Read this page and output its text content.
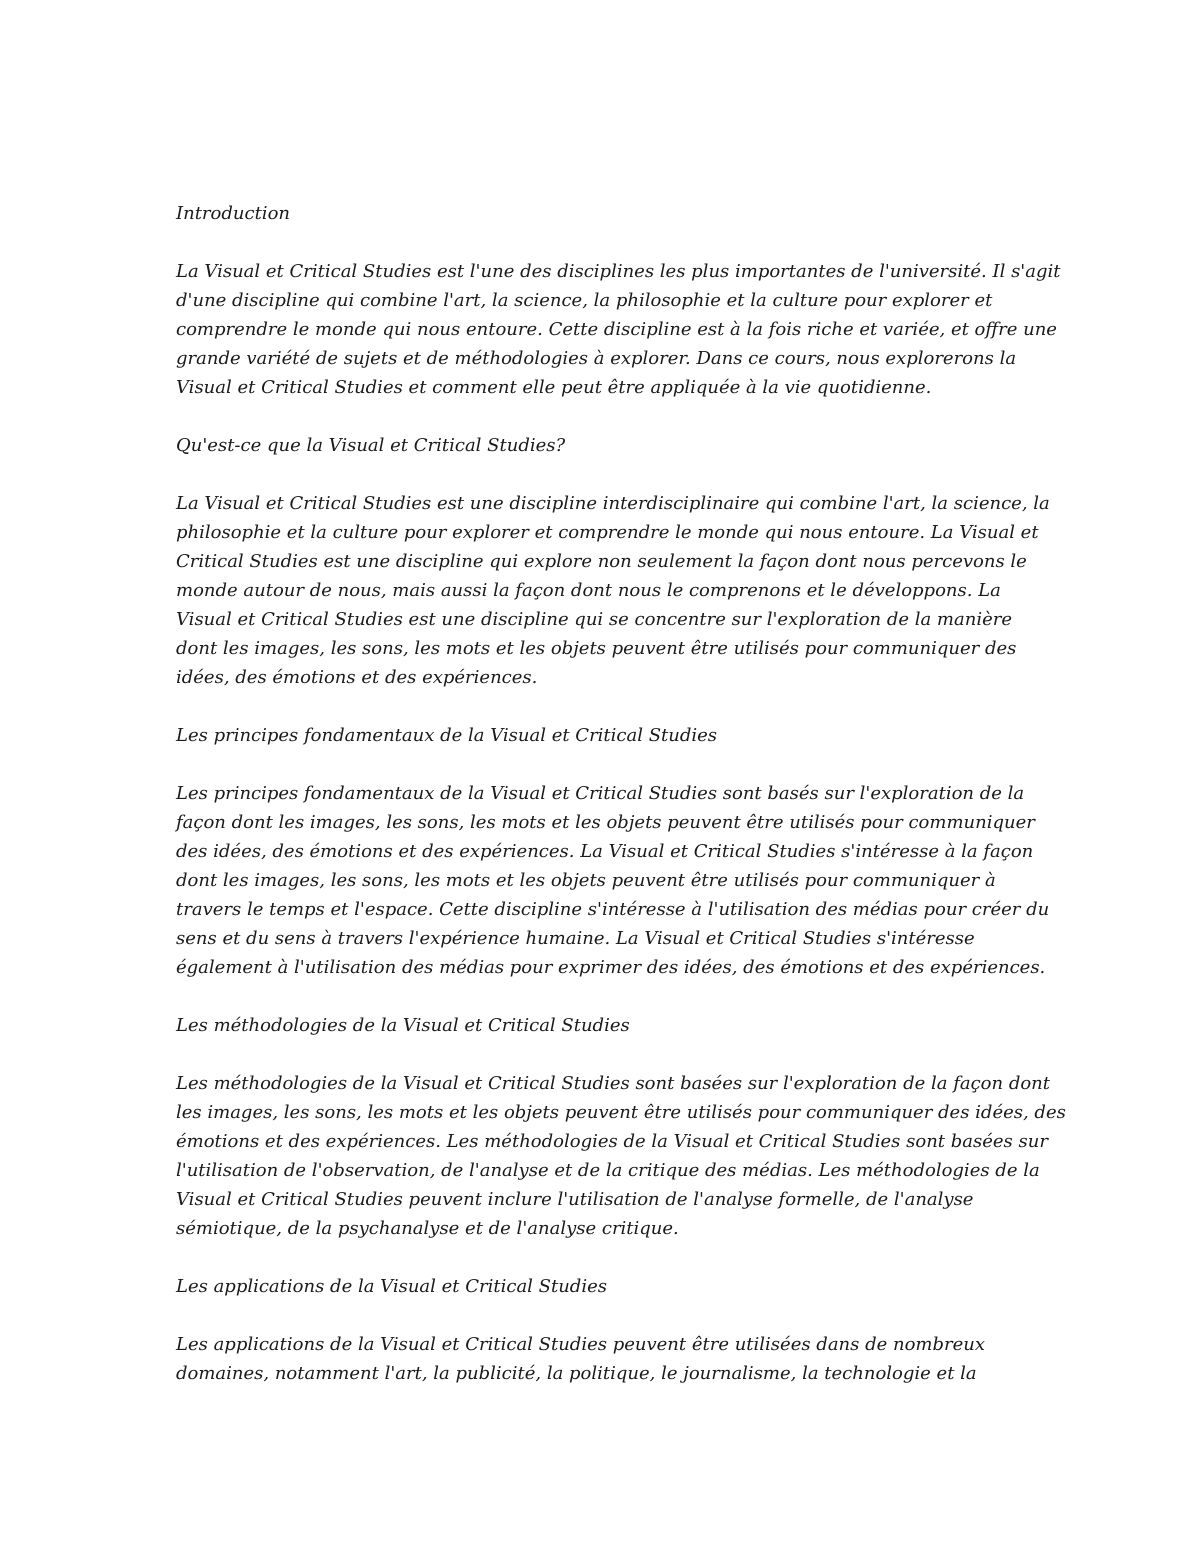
Introduction
La Visual et Critical Studies est l'une des disciplines les plus importantes de l'université. Il s'agit
d'une discipline qui combine l'art, la science, la philosophie et la culture pour explorer et
comprendre le monde qui nous entoure. Cette discipline est à la fois riche et variée, et offre une
grande variété de sujets et de méthodologies à explorer. Dans ce cours, nous explorerons la
Visual et Critical Studies et comment elle peut être appliquée à la vie quotidienne.
Qu'est-ce que la Visual et Critical Studies?
La Visual et Critical Studies est une discipline interdisciplinaire qui combine l'art, la science, la
philosophie et la culture pour explorer et comprendre le monde qui nous entoure. La Visual et
Critical Studies est une discipline qui explore non seulement la façon dont nous percevons le
monde autour de nous, mais aussi la façon dont nous le comprenons et le développons. La
Visual et Critical Studies est une discipline qui se concentre sur l'exploration de la manière
dont les images, les sons, les mots et les objets peuvent être utilisés pour communiquer des
idées, des émotions et des expériences.
Les principes fondamentaux de la Visual et Critical Studies
Les principes fondamentaux de la Visual et Critical Studies sont basés sur l'exploration de la
façon dont les images, les sons, les mots et les objets peuvent être utilisés pour communiquer
des idées, des émotions et des expériences. La Visual et Critical Studies s'intéresse à la façon
dont les images, les sons, les mots et les objets peuvent être utilisés pour communiquer à
travers le temps et l'espace. Cette discipline s'intéresse à l'utilisation des médias pour créer du
sens et du sens à travers l'expérience humaine. La Visual et Critical Studies s'intéresse
également à l'utilisation des médias pour exprimer des idées, des émotions et des expériences.
Les méthodologies de la Visual et Critical Studies
Les méthodologies de la Visual et Critical Studies sont basées sur l'exploration de la façon dont
les images, les sons, les mots et les objets peuvent être utilisés pour communiquer des idées, des
émotions et des expériences. Les méthodologies de la Visual et Critical Studies sont basées sur
l'utilisation de l'observation, de l'analyse et de la critique des médias. Les méthodologies de la
Visual et Critical Studies peuvent inclure l'utilisation de l'analyse formelle, de l'analyse
sémiotique, de la psychanalyse et de l'analyse critique.
Les applications de la Visual et Critical Studies
Les applications de la Visual et Critical Studies peuvent être utilisées dans de nombreux
domaines, notamment l'art, la publicité, la politique, le journalisme, la technologie et la
